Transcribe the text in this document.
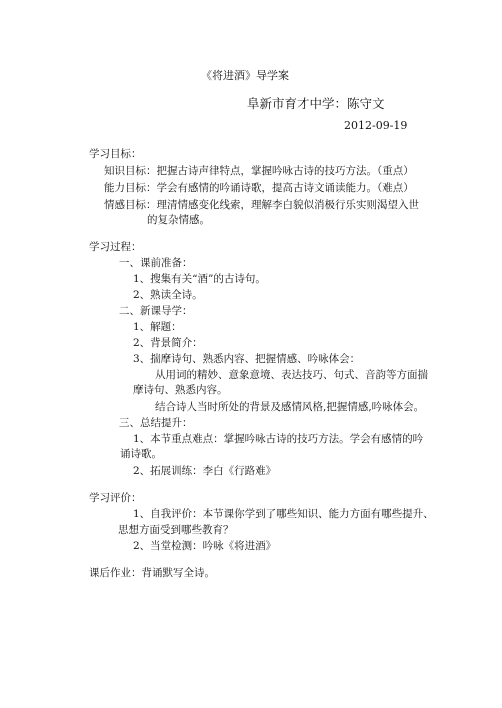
《将进酒》导学案
阜新市育才中学：陈守文
2012-09-19
学习目标：
知识目标：把握古诗声律特点，掌握吟咏古诗的技巧方法。（重点）
能力目标：学会有感情的吟诵诗歌，提高古诗文诵读能力。（难点）
情感目标：理清情感变化线索，理解李白貌似消极行乐实则渴望入世
的复杂情感。
学习过程：
一、课前准备：
1、搜集有关“酒”的古诗句。
2、熟读全诗。
二、新课导学：
1、解题：
2、背景简介：
3、揣摩诗句、熟悉内容、把握情感、吟咏体会：
从用词的精妙、意象意境、表达技巧、句式、音韵等方面揣
摩诗句、熟悉内容。
结合诗人当时所处的背景及感情风格,把握情感,吟咏体会。
三、总结提升：
1、本节重点难点：掌握吟咏古诗的技巧方法。学会有感情的吟
诵诗歌。
2、拓展训练：李白《行路难》
学习评价：
1、自我评价：本节课你学到了哪些知识、能力方面有哪些提升、
思想方面受到哪些教育？
2、当堂检测：吟咏《将进酒》
课后作业：背诵默写全诗。
